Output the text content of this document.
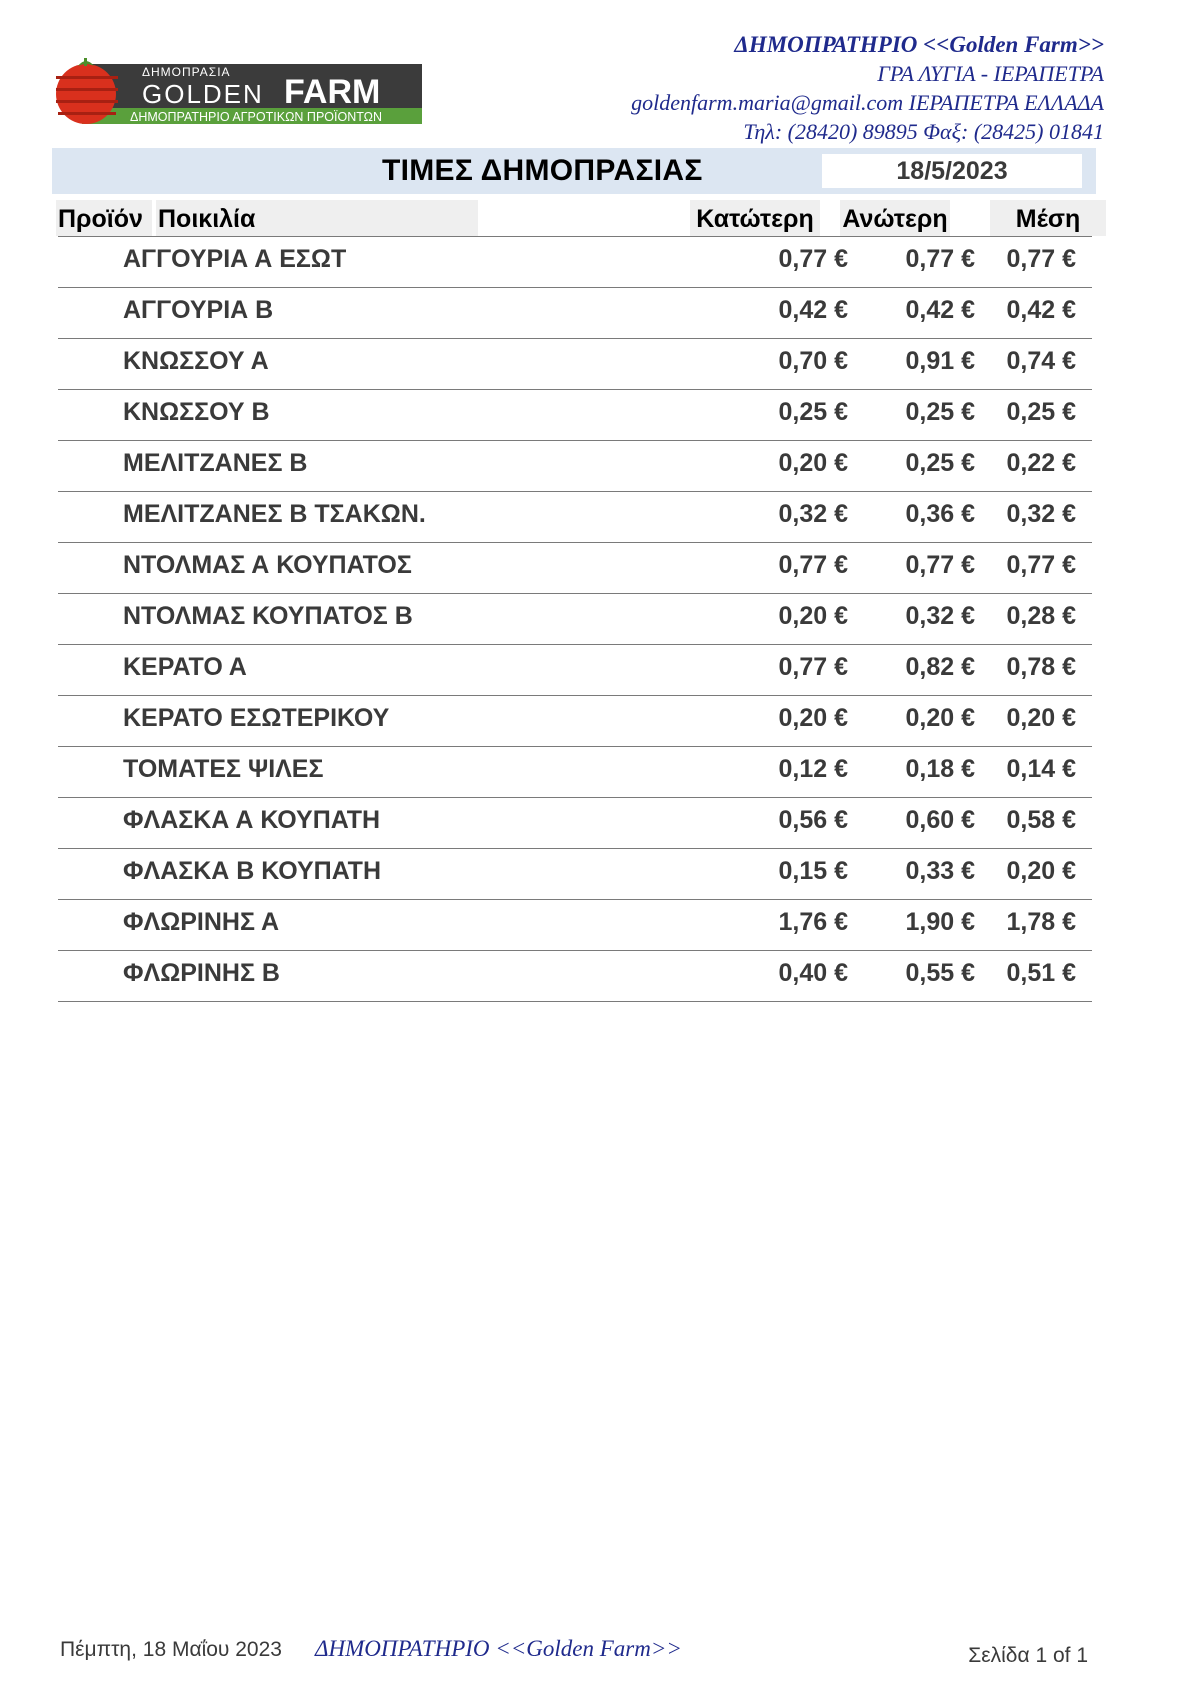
ΔΗΜΟΠΡΑΣΙΑ
GOLDEN FARM
ΔΗΜΟΠΡΑΤΗΡΙΟ ΑΓΡΟΤΙΚΩΝ ΠΡΟΪΟΝΤΩΝ
ΔΗΜΟΠΡΑΤΗΡΙΟ <<Golden Farm>>
ΓΡΑ ΛΥΓΙΑ - ΙΕΡΑΠΕΤΡΑ
goldenfarm.maria@gmail.com ΙΕΡΑΠΕΤΡΑ ΕΛΛΑΔΑ
Τηλ: (28420) 89895 Φαξ: (28425) 01841
ΤΙΜΕΣ ΔΗΜΟΠΡΑΣΙΑΣ	18/5/2023
Προϊόν Ποικιλία	Κατώτερη Ανώτερη	Μέση
ΑΓΓΟΥΡΙΑ Α ΕΣΩΤ	0,77 € 0,77 € 0,77 €
ΑΓΓΟΥΡΙΑ Β	0,42 € 0,42 € 0,42 €
ΚΝΩΣΣΟΥ Α	0,70 € 0,91 € 0,74 €
ΚΝΩΣΣΟΥ Β	0,25 € 0,25 € 0,25 €
ΜΕΛΙΤΖΑΝΕΣ Β	0,20 € 0,25 € 0,22 €
ΜΕΛΙΤΖΑΝΕΣ Β ΤΣΑΚΩΝ.	0,32 € 0,36 € 0,32 €
ΝΤΟΛΜΑΣ Α ΚΟΥΠΑΤΟΣ	0,77 € 0,77 € 0,77 €
ΝΤΟΛΜΑΣ ΚΟΥΠΑΤΟΣ Β	0,20 € 0,32 € 0,28 €
ΚΕΡΑΤΟ Α	0,77 € 0,82 € 0,78 €
ΚΕΡΑΤΟ ΕΣΩΤΕΡΙΚΟΥ	0,20 € 0,20 € 0,20 €
ΤΟΜΑΤΕΣ ΨΙΛΕΣ	0,12 € 0,18 € 0,14 €
ΦΛΑΣΚΑ Α ΚΟΥΠΑΤΗ	0,56 € 0,60 € 0,58 €
ΦΛΑΣΚΑ Β ΚΟΥΠΑΤΗ	0,15 € 0,33 € 0,20 €
ΦΛΩΡΙΝΗΣ Α	1,76 € 1,90 € 1,78 €
ΦΛΩΡΙΝΗΣ Β	0,40 € 0,55 € 0,51 €
Πέμπτη, 18 Μαΐου 2023 ΔΗΜΟΠΡΑΤΗΡΙΟ <<Golden Farm>>	Σελίδα 1 of 1
